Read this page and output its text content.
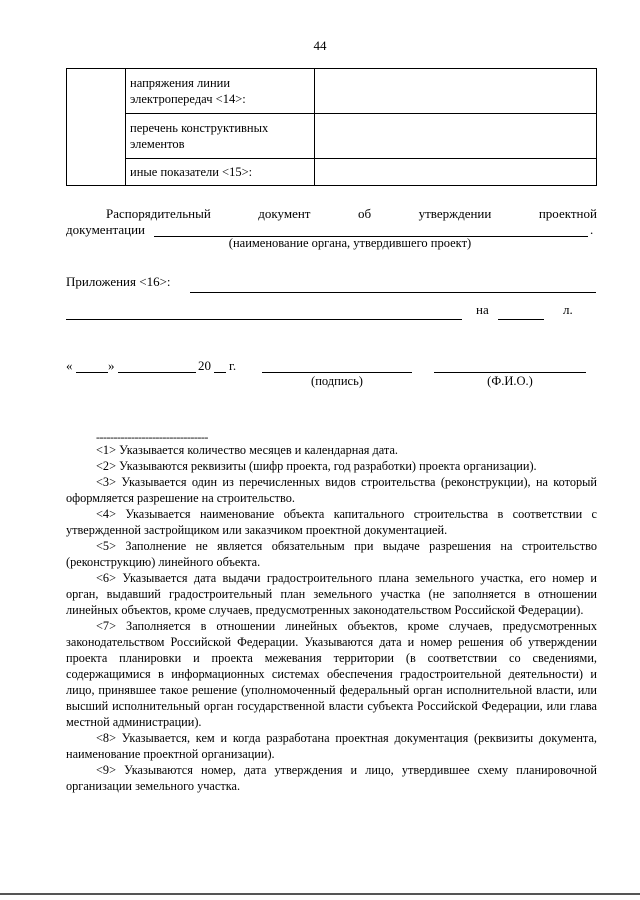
44
	напряжения линии электропередач <14>:	
	перечень конструктивных элементов	
	иные показатели <15>:	
Распорядительный	документ	об	утверждении	проектной
документации	.
(наименование органа, утвердившего проект)
Приложения <16>:
на	л.
«	»	20 г.
(подпись)	(Ф.И.О.)
--------------------------------

<1> Указывается количество месяцев и календарная дата.

<2> Указываются реквизиты (шифр проекта, год разработки) проекта организации).

<3> Указывается один из перечисленных видов строительства (реконструкции), на который оформляется разрешение на строительство.

<4> Указывается наименование объекта капитального строительства в соответствии с утвержденной застройщиком или заказчиком проектной документацией.

<5> Заполнение не является обязательным при выдаче разрешения на строительство (реконструкцию) линейного объекта.

<6> Указывается дата выдачи градостроительного плана земельного участка, его номер и орган, выдавший градостроительный план земельного участка (не заполняется в отношении линейных объектов, кроме случаев, предусмотренных законодательством Российской Федерации).

<7> Заполняется в отношении линейных объектов, кроме случаев, предусмотренных законодательством Российской Федерации. Указываются дата и номер решения об утверждении проекта планировки и проекта межевания территории (в соответствии со сведениями, содержащимися в информационных системах обеспечения градостроительной деятельности) и лицо, принявшее такое решение (уполномоченный федеральный орган исполнительной власти, или высший исполнительный орган государственной власти субъекта Российской Федерации, или глава местной администрации).

<8> Указывается, кем и когда разработана проектная документация (реквизиты документа, наименование проектной организации).

<9> Указываются номер, дата утверждения и лицо, утвердившее схему планировочной организации земельного участка.
